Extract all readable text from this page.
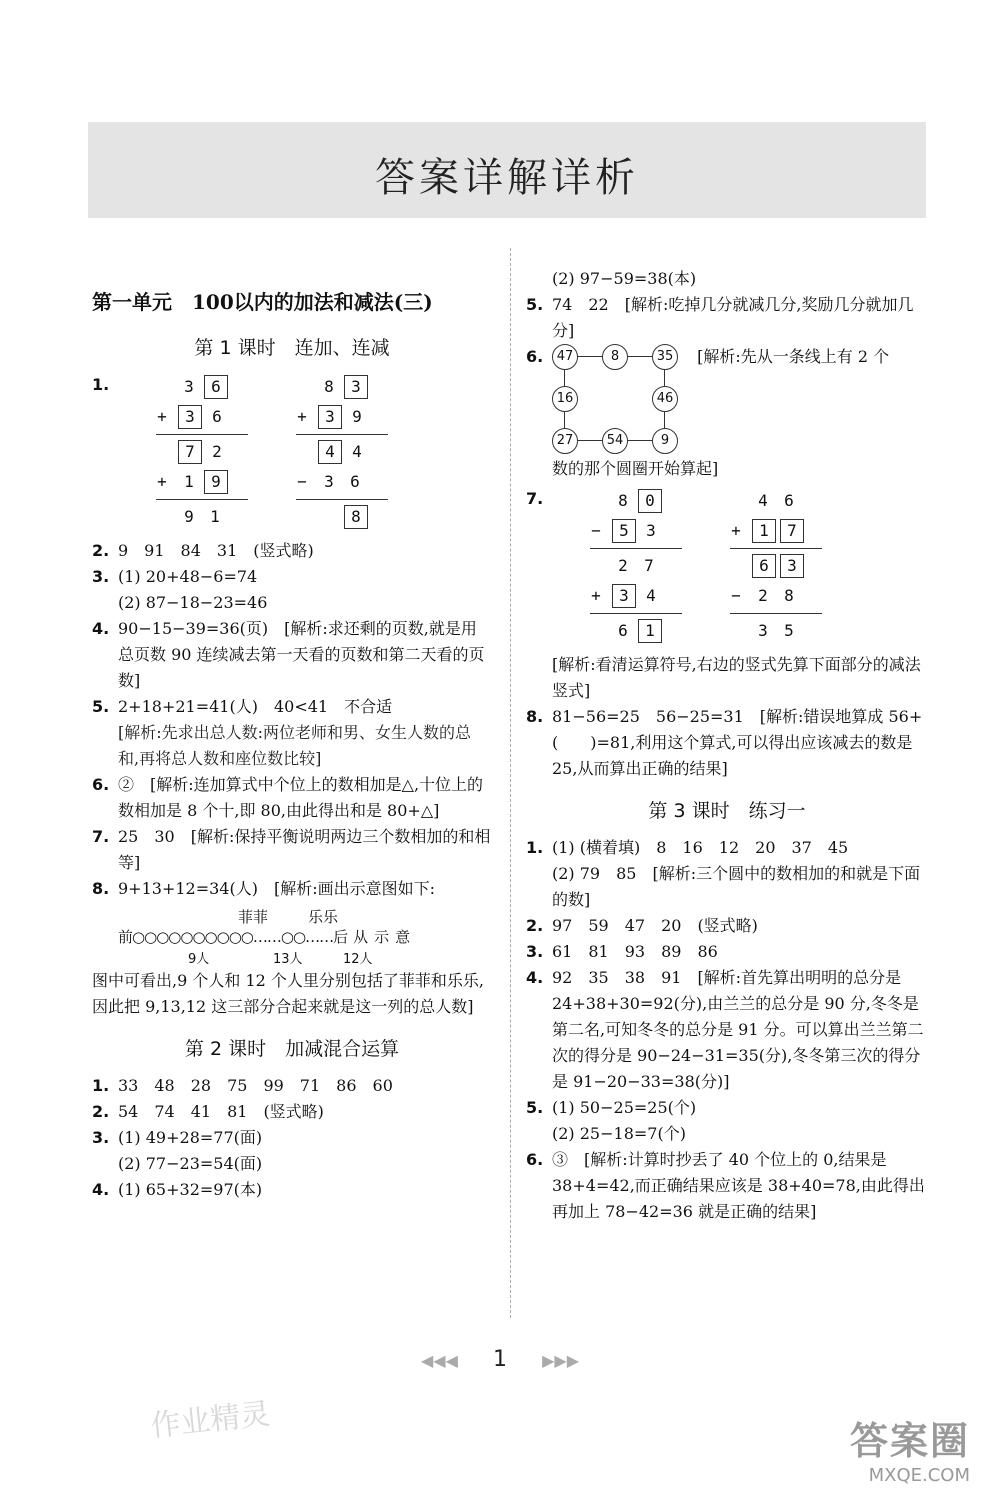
答案详解详析
第一单元　100以内的加法和减法(三)
第 1 课时　连加、连减
1.	3	6
+	3	6
7	2
+	1	9
9	1
8	3
+	3	9
4	4
−	3	6
8

2. 9　91　84　31　(竖式略)

3. (1) 20+48−6=74
(2) 87−18−23=46

4. 90−15−39=36(页)　[解析:求还剩的页数,就是用总页数 90 连续减去第一天看的页数和第二天看的页数]

5. 2+18+21=41(人)　40<41　不合适
[解析:先求出总人数:两位老师和男、女生人数的总和,再将总人数和座位数比较]

6. ②　[解析:连加算式中个位上的数相加是△,十位上的数相加是 8 个十,即 80,由此得出和是 80+△]

7. 25　30　[解析:保持平衡说明两边三个数相加的和相等]

8. 9+13+12=34(人)　[解析:画出示意图如下:

菲菲	乐乐
前○○○○○○○○○○……○○……后 从示意
9人	13人	12人

图中可看出,9 个人和 12 个人里分别包括了菲菲和乐乐,因此把 9,13,12 这三部分合起来就是这一列的总人数]

第 2 课时　加减混合运算

1. 33　48　28　75　99　71　86　60

2. 54　74　41　81　(竖式略)

3. (1) 49+28=77(面)
(2) 77−23=54(面)

4. (1) 65+32=97(本)

(2) 97−59=38(本)

5. 74　22　[解析:吃掉几分就减几分,奖励几分就加几分]

6.	47	8	35
16	46
27	54	9
[解析:先从一条线上有 2 个

数的那个圆圈开始算起]

7.	8	0
−	5	3
2	7
+	3	4
6	1
4	6
+	1	7
6	3
−	2	8
3	5

[解析:看清运算符号,右边的竖式先算下面部分的减法竖式]

8. 81−56=25　56−25=31　[解析:错误地算成 56+(　　)=81,利用这个算式,可以得出应该减去的数是 25,从而算出正确的结果]

第 3 课时　练习一

1. (1) (横着填)　8　16　12　20　37　45
(2) 79　85　[解析:三个圆中的数相加的和就是下面的数]

2. 97　59　47　20　(竖式略)

3. 61　81　93　89　86

4. 92　35　38　91　[解析:首先算出明明的总分是 24+38+30=92(分),由兰兰的总分是 90 分,冬冬是第二名,可知冬冬的总分是 91 分。可以算出兰兰第二次的得分是 90−24−31=35(分),冬冬第三次的得分是 91−20−33=38(分)]

5. (1) 50−25=25(个)
(2) 25−18=7(个)

6. ③　[解析:计算时抄丢了 40 个位上的 0,结果是 38+4=42,而正确结果应该是 38+40=78,由此得出再加上 78−42=36 就是正确的结果]

◀◀◀ 1 ▶▶▶
作业精灵	答案圈
MXQE.COM
